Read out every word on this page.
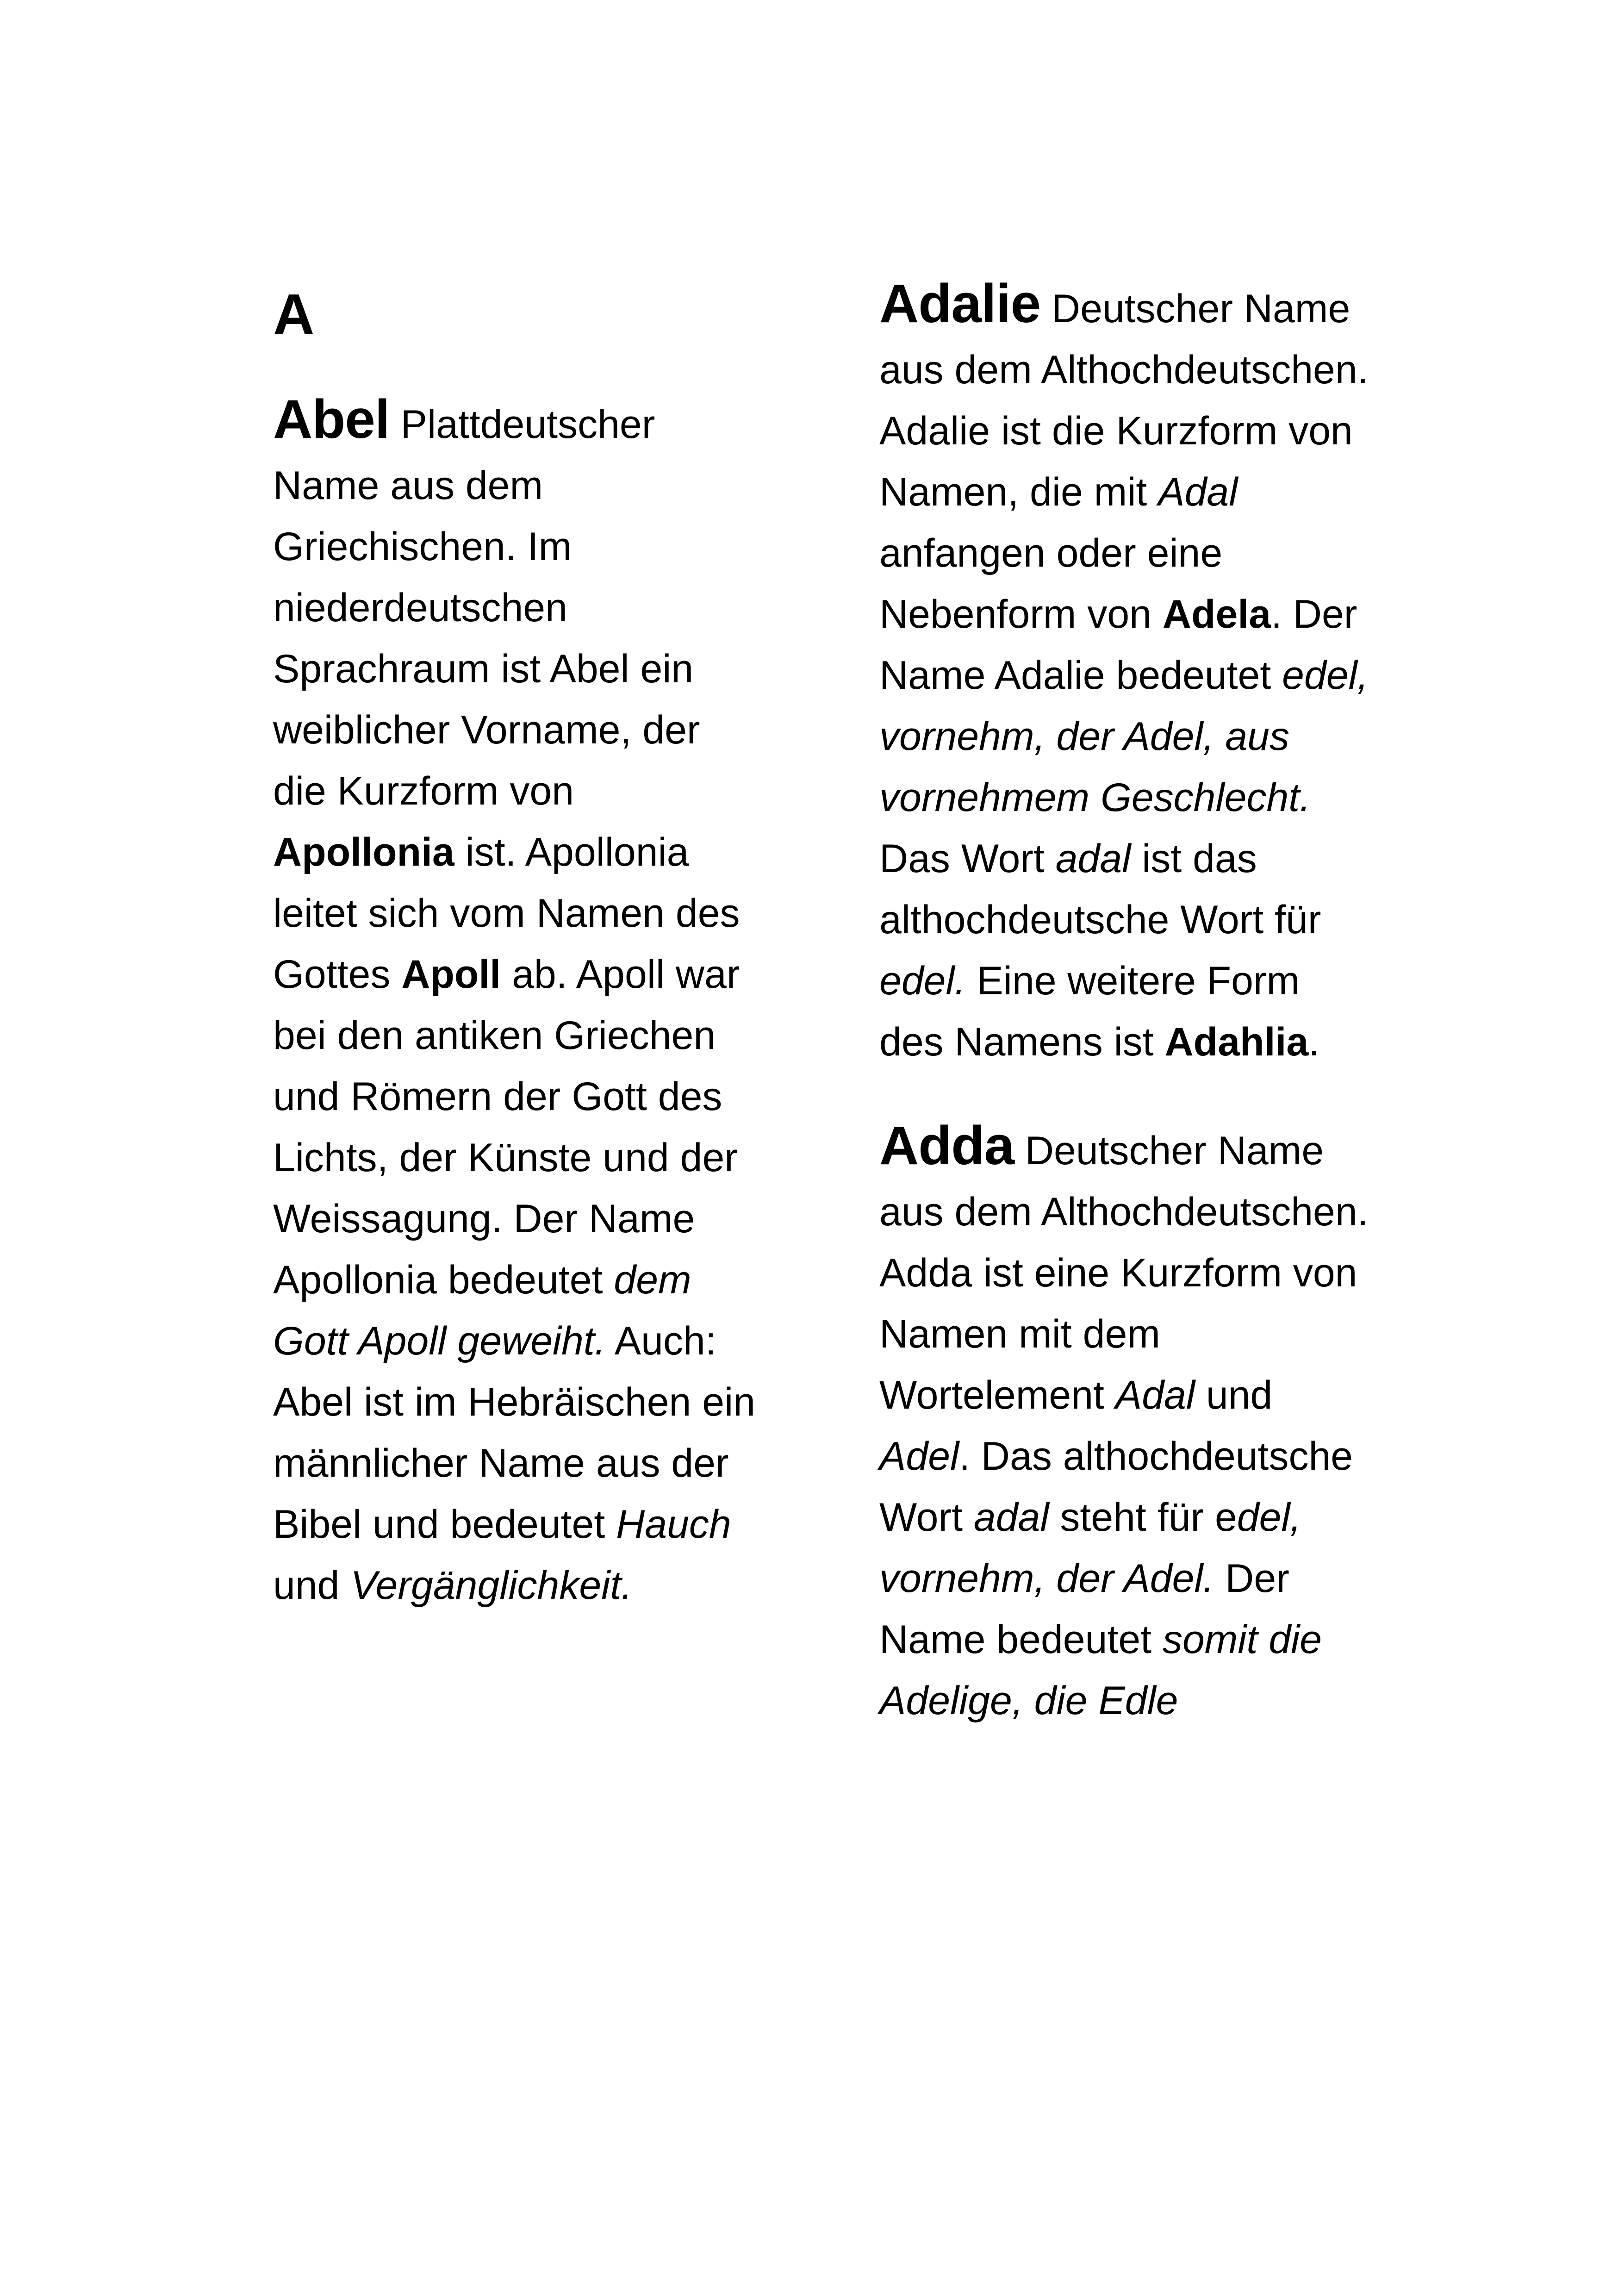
A
Abel Plattdeutscher Name aus dem Griechischen. Im niederdeutschen Sprachraum ist Abel ein weiblicher Vorname, der die Kurzform von Apollonia ist. Apollonia leitet sich vom Namen des Gottes Apoll ab. Apoll war bei den antiken Griechen und Römern der Gott des Lichts, der Künste und der Weissagung. Der Name Apollonia bedeutet dem Gott Apoll geweiht. Auch: Abel ist im Hebräischen ein männlicher Name aus der Bibel und bedeutet Hauch und Vergänglichkeit.
Adalie Deutscher Name aus dem Althochdeutschen. Adalie ist die Kurzform von Namen, die mit Adal anfangen oder eine Nebenform von Adela. Der Name Adalie bedeutet edel, vornehm, der Adel, aus vornehmem Geschlecht. Das Wort adal ist das althochdeutsche Wort für edel. Eine weitere Form des Namens ist Adahlia.
Adda Deutscher Name aus dem Althochdeutschen. Adda ist eine Kurzform von Namen mit dem Wortelement Adal und Adel. Das althochdeutsche Wort adal steht für edel, vornehm, der Adel. Der Name bedeutet somit die Adelige, die Edle
